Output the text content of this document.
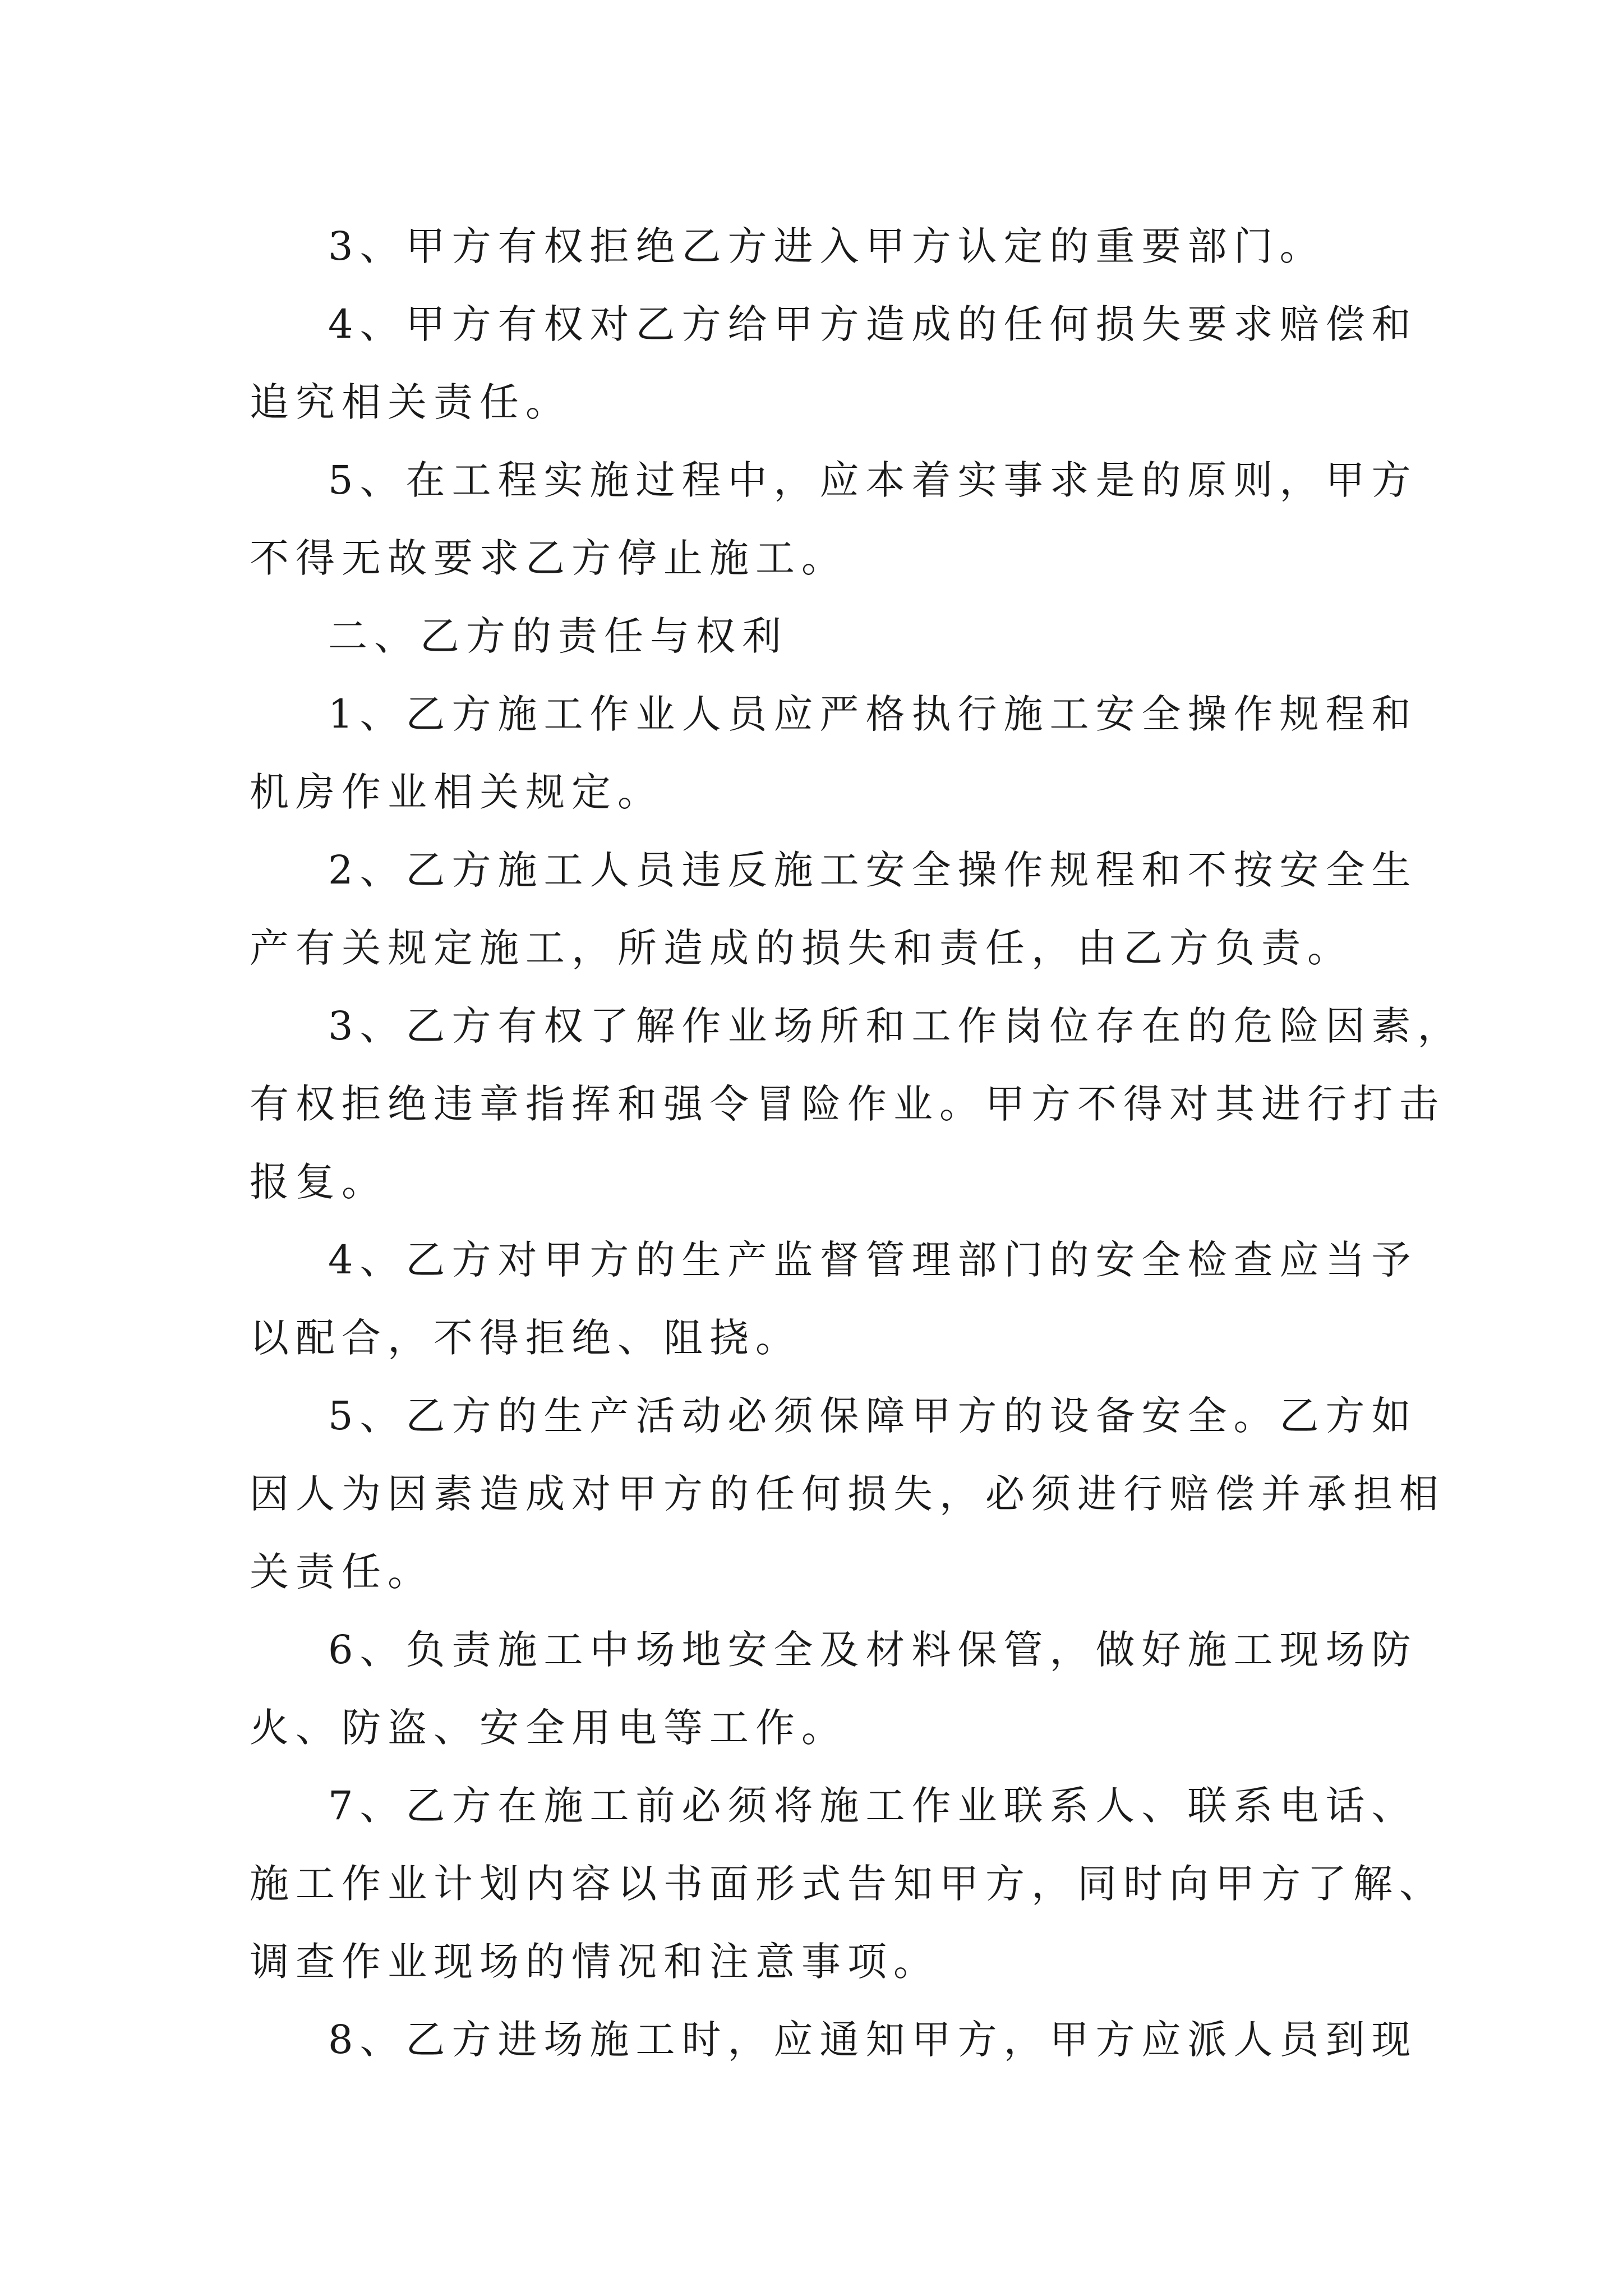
3、甲方有权拒绝乙方进入甲方认定的重要部门。

4、甲方有权对乙方给甲方造成的任何损失要求赔偿和
追究相关责任。

5、在工程实施过程中，应本着实事求是的原则，甲方
不得无故要求乙方停止施工。

二、乙方的责任与权利

1、乙方施工作业人员应严格执行施工安全操作规程和
机房作业相关规定。

2、乙方施工人员违反施工安全操作规程和不按安全生
产有关规定施工，所造成的损失和责任，由乙方负责。

3、乙方有权了解作业场所和工作岗位存在的危险因素，
有权拒绝违章指挥和强令冒险作业。甲方不得对其进行打击
报复。

4、乙方对甲方的生产监督管理部门的安全检查应当予
以配合，不得拒绝、阻挠。

5、乙方的生产活动必须保障甲方的设备安全。乙方如
因人为因素造成对甲方的任何损失，必须进行赔偿并承担相
关责任。

6、负责施工中场地安全及材料保管，做好施工现场防
火、防盗、安全用电等工作。

7、乙方在施工前必须将施工作业联系人、联系电话、
施工作业计划内容以书面形式告知甲方，同时向甲方了解、
调查作业现场的情况和注意事项。

8、乙方进场施工时，应通知甲方，甲方应派人员到现
